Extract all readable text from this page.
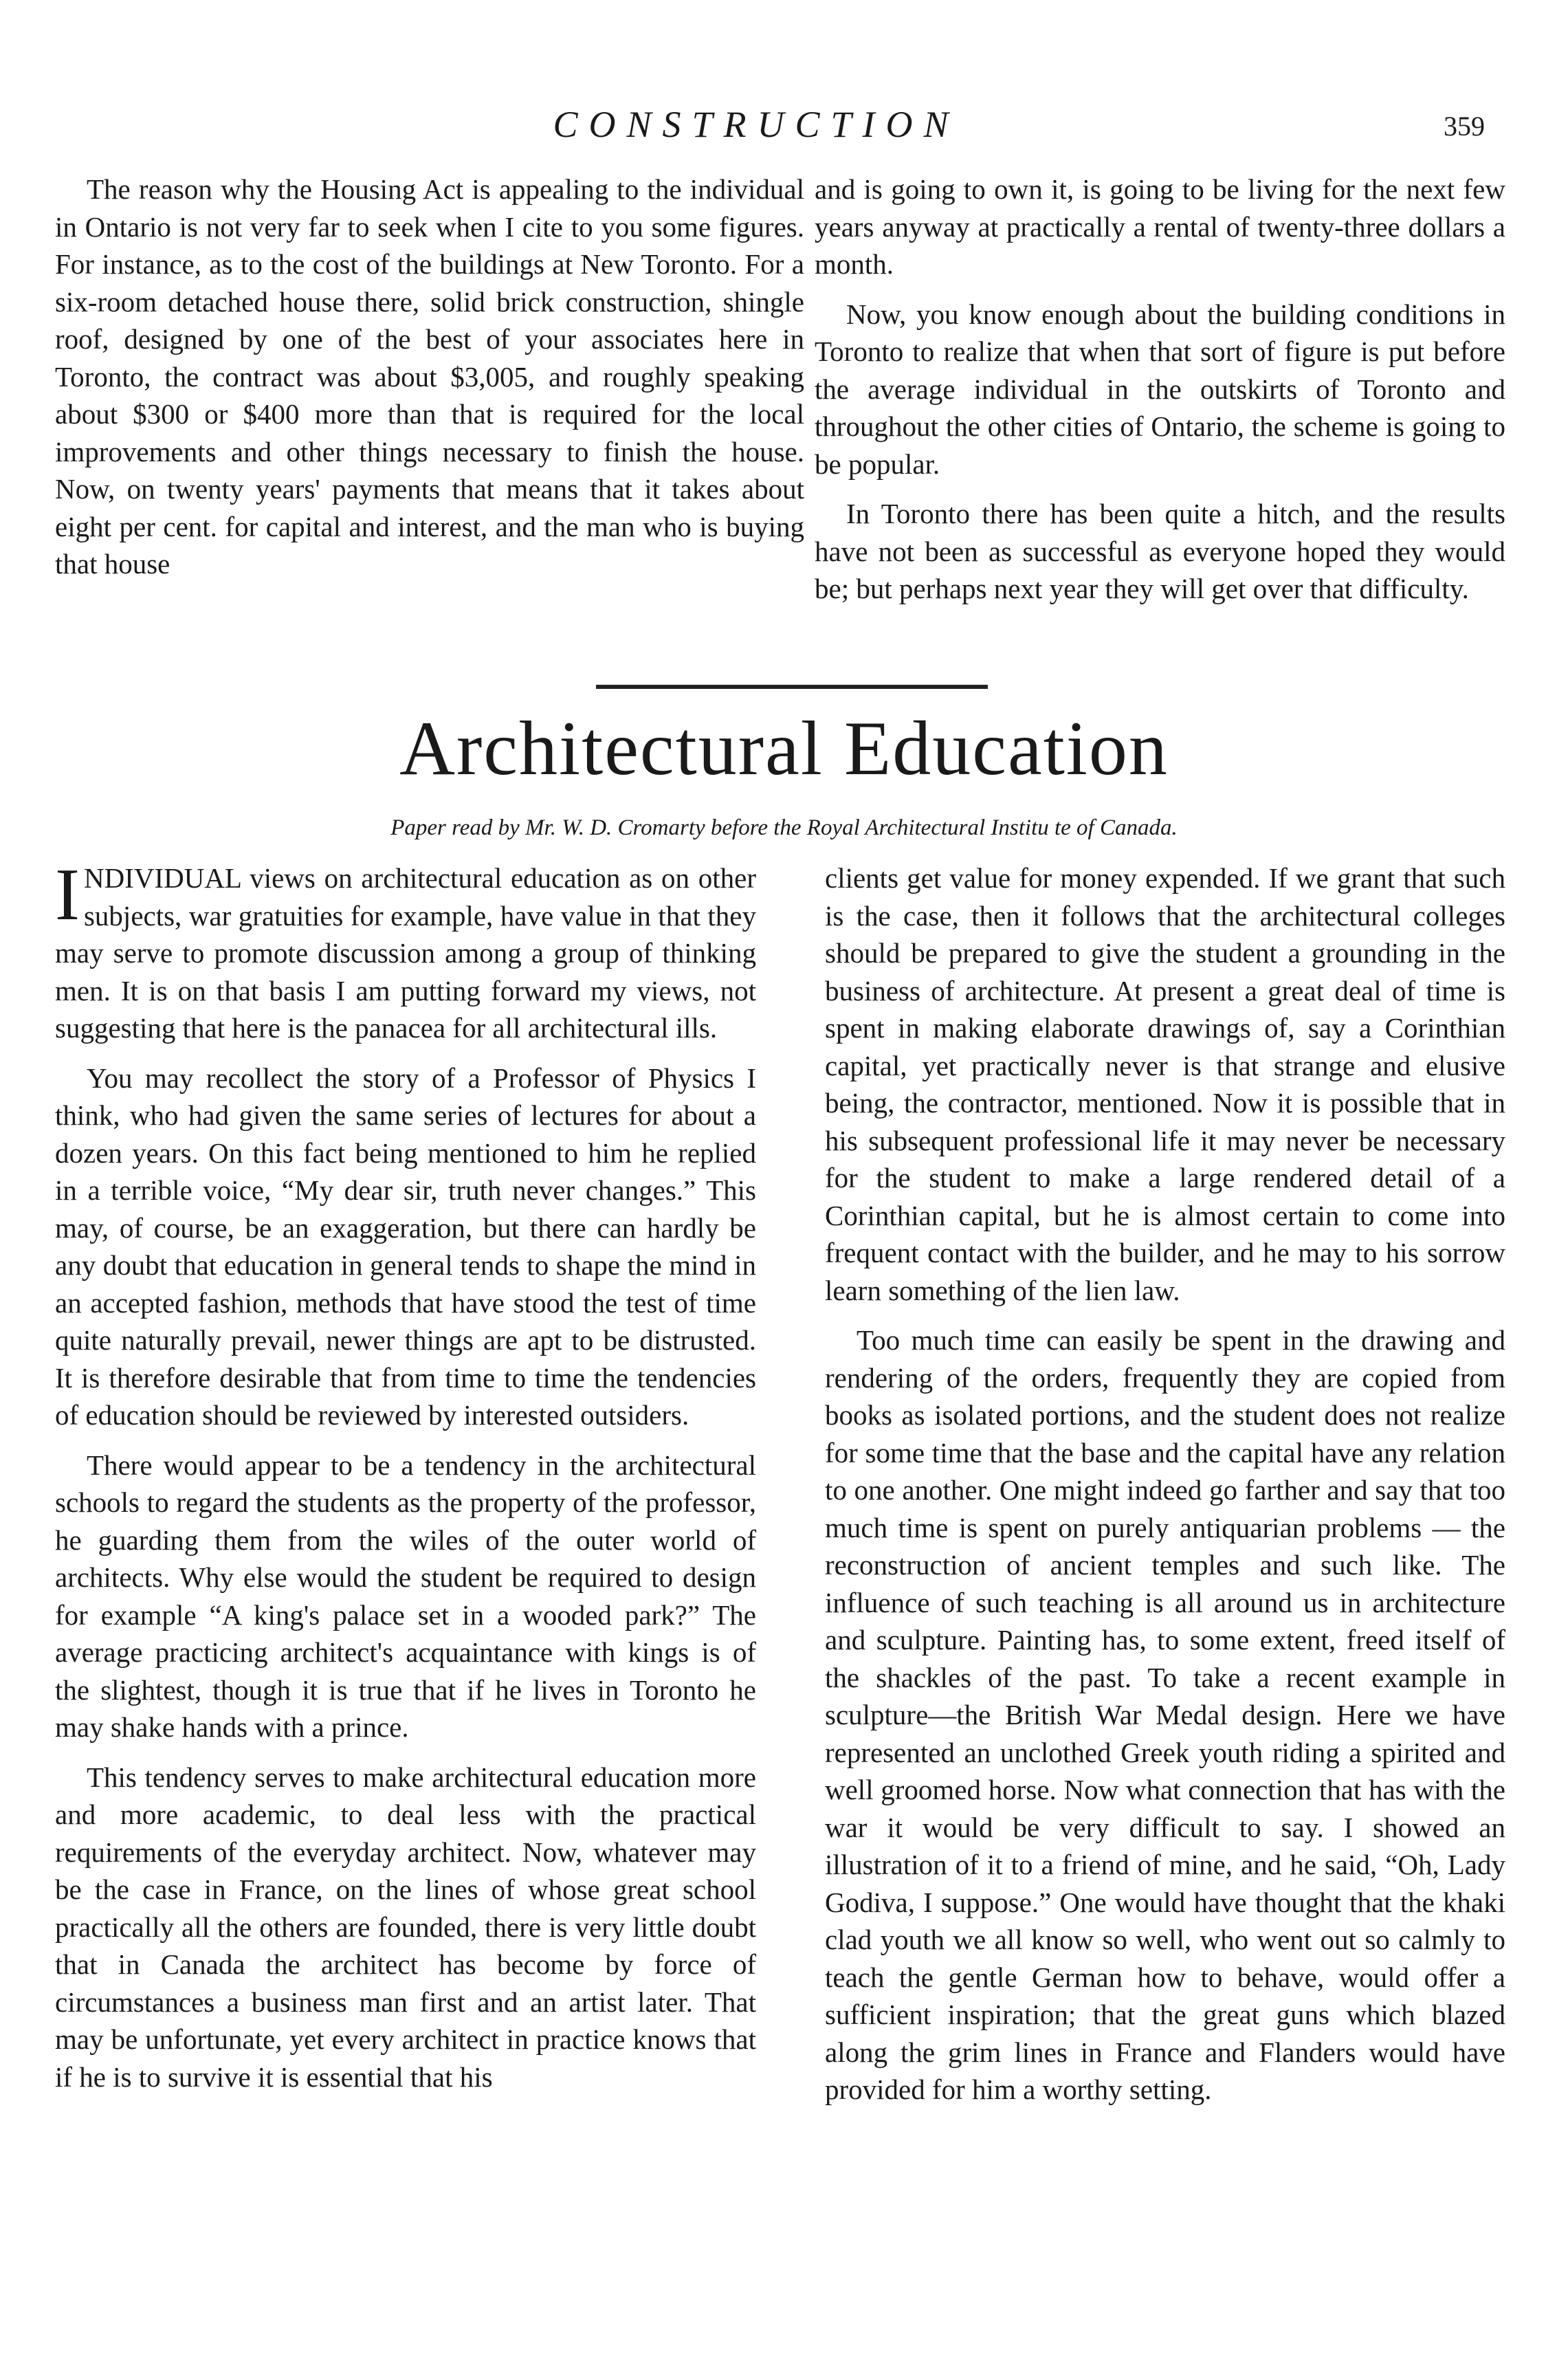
CONSTRUCTION	359

The reason why the Housing Act is appealing to the individual in Ontario is not very far to seek when I cite to you some figures. For instance, as to the cost of the buildings at New Toronto. For a six-room detached house there, solid brick construction, shingle roof, designed by one of the best of your associates here in Toronto, the contract was about $3,005, and roughly speaking about $300 or $400 more than that is required for the local improvements and other things necessary to finish the house. Now, on twenty years' payments that means that it takes about eight per cent. for capital and interest, and the man who is buying that house

and is going to own it, is going to be living for the next few years anyway at practically a rental of twenty-three dollars a month.

Now, you know enough about the building conditions in Toronto to realize that when that sort of figure is put before the average individual in the outskirts of Toronto and throughout the other cities of Ontario, the scheme is going to be popular.

In Toronto there has been quite a hitch, and the results have not been as successful as everyone hoped they would be; but perhaps next year they will get over that difficulty.

Architectural Education
Paper read by Mr. W. D. Cromarty before the Royal Architectural Institu te of Canada.

INDIVIDUAL views on architectural education as on other subjects, war gratuities for example, have value in that they may serve to promote discussion among a group of thinking men. It is on that basis I am putting forward my views, not suggesting that here is the panacea for all architectural ills.

You may recollect the story of a Professor of Physics I think, who had given the same series of lectures for about a dozen years. On this fact being mentioned to him he replied in a terrible voice, “My dear sir, truth never changes.” This may, of course, be an exaggeration, but there can hardly be any doubt that education in general tends to shape the mind in an accepted fashion, methods that have stood the test of time quite naturally prevail, newer things are apt to be distrusted. It is therefore desirable that from time to time the tendencies of education should be reviewed by interested outsiders.

There would appear to be a tendency in the architectural schools to regard the students as the property of the professor, he guarding them from the wiles of the outer world of architects. Why else would the student be required to design for example “A king's palace set in a wooded park?” The average practicing architect's acquaintance with kings is of the slightest, though it is true that if he lives in Toronto he may shake hands with a prince.

This tendency serves to make architectural education more and more academic, to deal less with the practical requirements of the everyday architect. Now, whatever may be the case in France, on the lines of whose great school practically all the others are founded, there is very little doubt that in Canada the architect has become by force of circumstances a business man first and an artist later. That may be unfortunate, yet every architect in practice knows that if he is to survive it is essential that his

clients get value for money expended. If we grant that such is the case, then it follows that the architectural colleges should be prepared to give the student a grounding in the business of architecture. At present a great deal of time is spent in making elaborate drawings of, say a Corinthian capital, yet practically never is that strange and elusive being, the contractor, mentioned. Now it is possible that in his subsequent professional life it may never be necessary for the student to make a large rendered detail of a Corinthian capital, but he is almost certain to come into frequent contact with the builder, and he may to his sorrow learn something of the lien law.

Too much time can easily be spent in the drawing and rendering of the orders, frequently they are copied from books as isolated portions, and the student does not realize for some time that the base and the capital have any relation to one another. One might indeed go farther and say that too much time is spent on purely antiquarian problems — the reconstruction of ancient temples and such like. The influence of such teaching is all around us in architecture and sculpture. Painting has, to some extent, freed itself of the shackles of the past. To take a recent example in sculpture—the British War Medal design. Here we have represented an unclothed Greek youth riding a spirited and well groomed horse. Now what connection that has with the war it would be very difficult to say. I showed an illustration of it to a friend of mine, and he said, “Oh, Lady Godiva, I suppose.” One would have thought that the khaki clad youth we all know so well, who went out so calmly to teach the gentle German how to behave, would offer a sufficient inspiration; that the great guns which blazed along the grim lines in France and Flanders would have provided for him a worthy setting.
